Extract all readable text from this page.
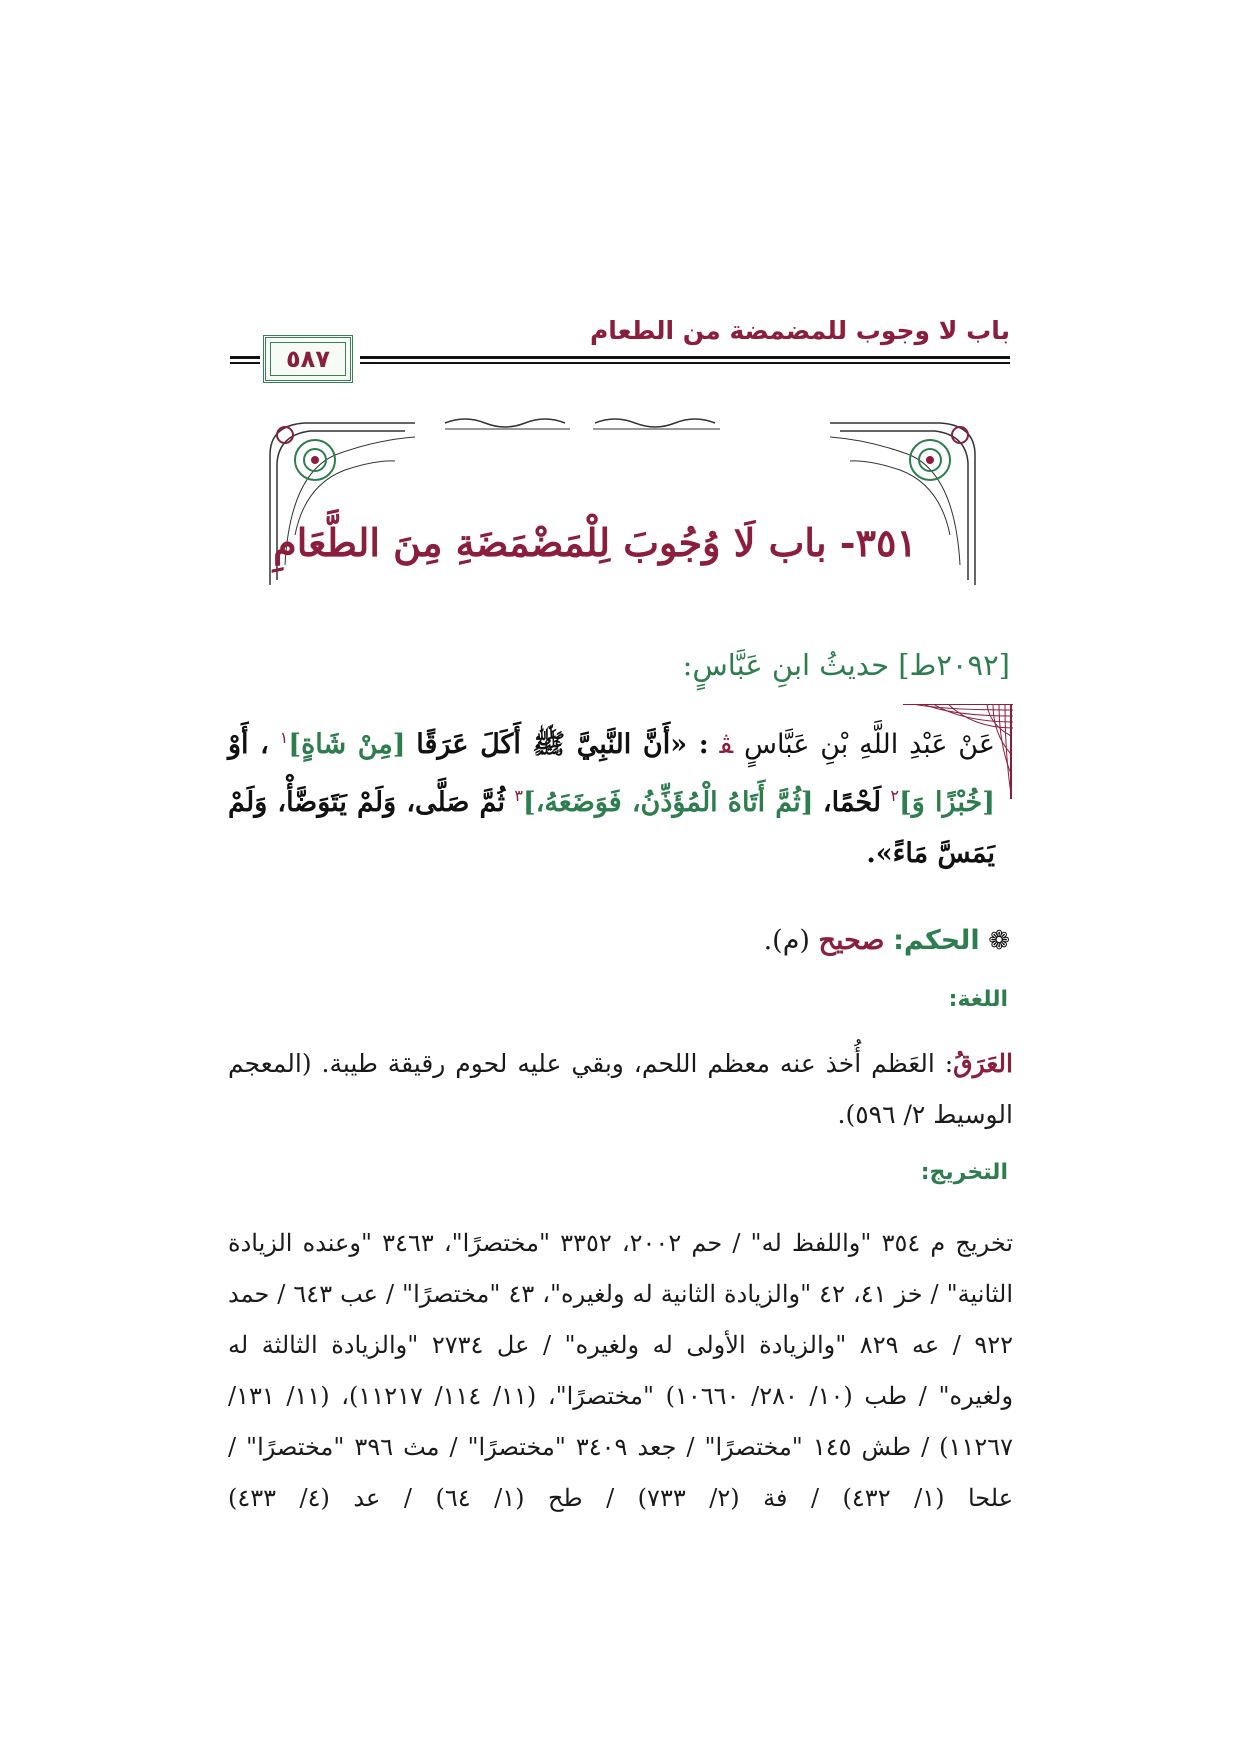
باب لا وجوب للمضمضة من الطعام
٥٨٧
٣٥١- باب لَا وُجُوبَ لِلْمَضْمَضَةِ مِنَ الطَّعَامِ
[٢٠٩٢ط] حديثُ ابنِ عَبَّاسٍ:
عَنْ عَبْدِ اللَّهِ بْنِ عَبَّاسٍ ﭭ : «أَنَّ النَّبِيَّ ﷺ أَكَلَ عَرَقًا [مِنْ شَاةٍ]$^١$ ، أَوْ [خُبْزًا وَ]$^٢$ لَحْمًا، [ثُمَّ أَتَاهُ الْمُؤَذِّنُ، فَوَضَعَهُ،]$^٣$ ثُمَّ صَلَّى، وَلَمْ يَتَوَضَّأْ، وَلَمْ يَمَسَّ مَاءً».
❁ الحكم: صحيح (م).
اللغة:
العَرَقُ: العَظم أُخذ عنه معظم اللحم، وبقي عليه لحوم رقيقة طيبة. (المعجم الوسيط ٢/ ٥٩٦).
التخريج:
تخريج م ٣٥٤ "واللفظ له" / حم ٢٠٠٢، ٣٣٥٢ "مختصرًا"، ٣٤٦٣ "وعنده الزيادة الثانية" / خز ٤١، ٤٢ "والزيادة الثانية له ولغيره"، ٤٣ "مختصرًا" / عب ٦٤٣ / حمد ٩٢٢ / عه ٨٢٩ "والزيادة الأولى له ولغيره" / عل ٢٧٣٤ "والزيادة الثالثة له ولغيره" / طب (١٠/ ٢٨٠/ ١٠٦٦٠) "مختصرًا"، (١١/ ١١٤/ ١١٢١٧)، (١١/ ١٣١/ ١١٢٦٧) / طش ١٤٥ "مختصرًا" / جعد ٣٤٠٩ "مختصرًا" / مث ٣٩٦ "مختصرًا" / علحا (١/ ٤٣٢) / فة (٢/ ٧٣٣) / طح (١/ ٦٤) / عد (٤/ ٤٣٣)
